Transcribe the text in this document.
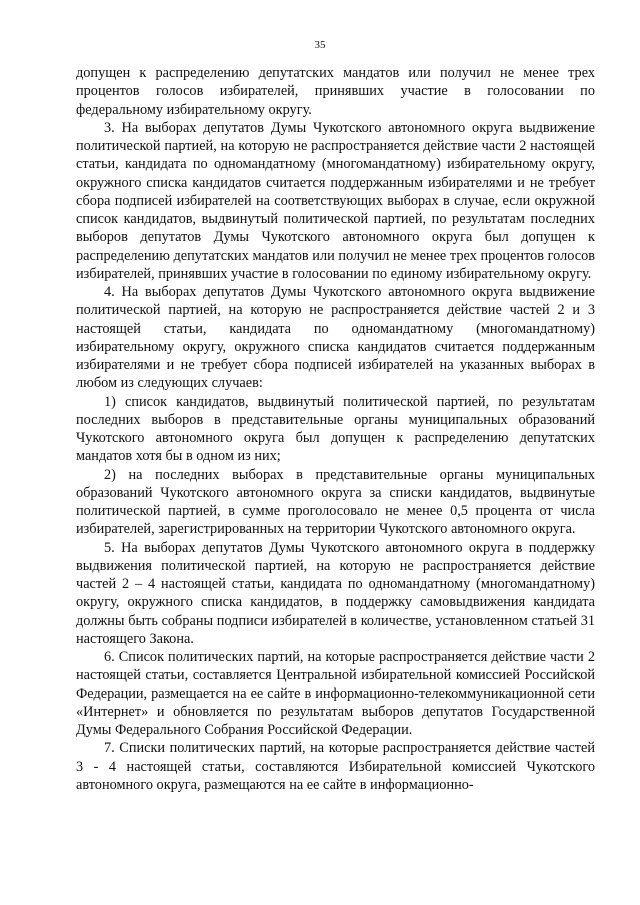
35

допущен к распределению депутатских мандатов или получил не менее трех процентов голосов избирателей, принявших участие в голосовании по федеральному избирательному округу.

3. На выборах депутатов Думы Чукотского автономного округа выдвижение политической партией, на которую не распространяется действие части 2 настоящей статьи, кандидата по одномандатному (многомандатному) избирательному округу, окружного списка кандидатов считается поддержанным избирателями и не требует сбора подписей избирателей на соответствующих выборах в случае, если окружной список кандидатов, выдвинутый политической партией, по результатам последних выборов депутатов Думы Чукотского автономного округа был допущен к распределению депутатских мандатов или получил не менее трех процентов голосов избирателей, принявших участие в голосовании по единому избирательному округу.

4. На выборах депутатов Думы Чукотского автономного округа выдвижение политической партией, на которую не распространяется действие частей 2 и 3 настоящей статьи, кандидата по одномандатному (многомандатному) избирательному округу, окружного списка кандидатов считается поддержанным избирателями и не требует сбора подписей избирателей на указанных выборах в любом из следующих случаев:

1) список кандидатов, выдвинутый политической партией, по результатам последних выборов в представительные органы муниципальных образований Чукотского автономного округа был допущен к распределению депутатских мандатов хотя бы в одном из них;

2) на последних выборах в представительные органы муниципальных образований Чукотского автономного округа за списки кандидатов, выдвинутые политической партией, в сумме проголосовало не менее 0,5 процента от числа избирателей, зарегистрированных на территории Чукотского автономного округа.

5. На выборах депутатов Думы Чукотского автономного округа в поддержку выдвижения политической партией, на которую не распространяется действие частей 2 – 4 настоящей статьи, кандидата по одномандатному (многомандатному) округу, окружного списка кандидатов, в поддержку самовыдвижения кандидата должны быть собраны подписи избирателей в количестве, установленном статьей 31 настоящего Закона.

6. Список политических партий, на которые распространяется действие части 2 настоящей статьи, составляется Центральной избирательной комиссией Российской Федерации, размещается на ее сайте в информационно-телекоммуникационной сети «Интернет» и обновляется по результатам выборов депутатов Государственной Думы Федерального Собрания Российской Федерации.

7. Списки политических партий, на которые распространяется действие частей 3 - 4 настоящей статьи, составляются Избирательной комиссией Чукотского автономного округа, размещаются на ее сайте в информационно-
